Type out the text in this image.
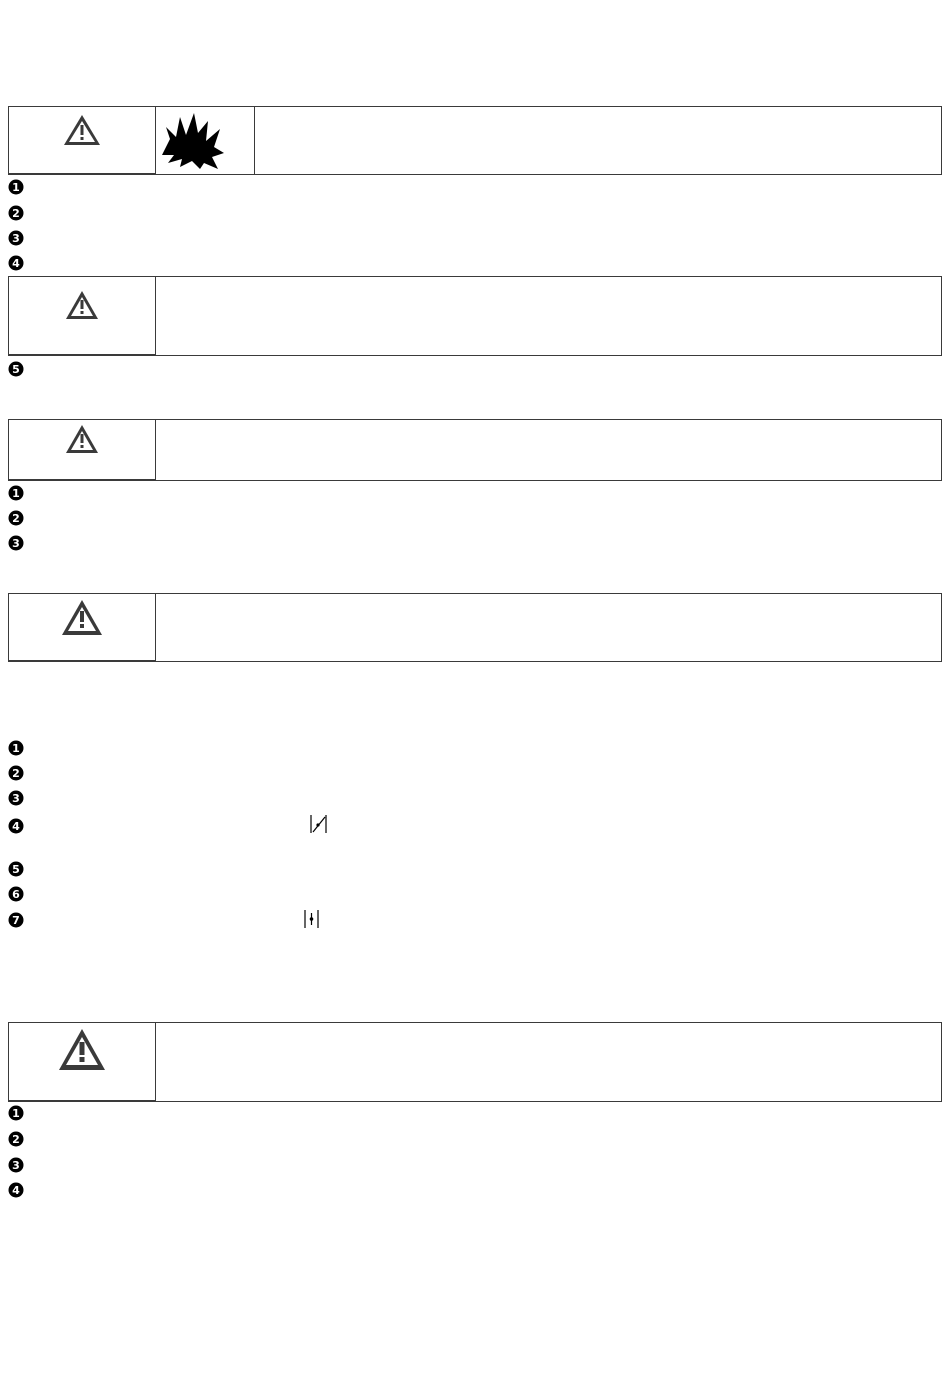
1
2
3
4
5
1
2
3
1
2
3
4
5
6
7
1
2
3
4
